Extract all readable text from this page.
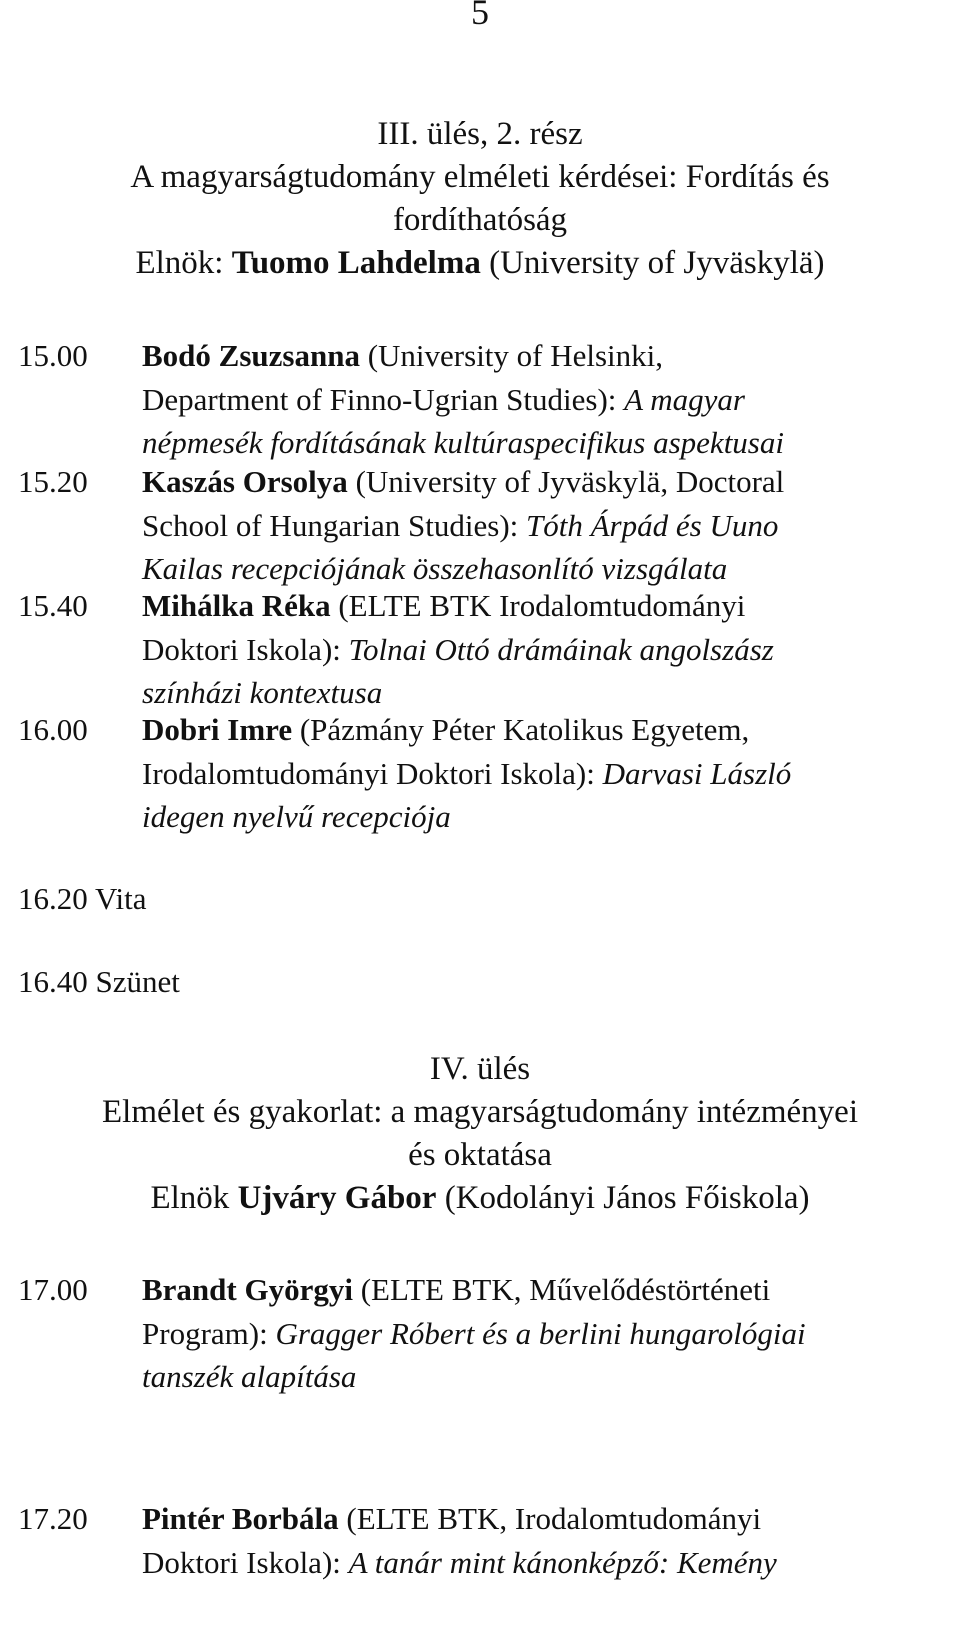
5
III. ülés, 2. rész
A magyarságtudomány elméleti kérdései: Fordítás és
fordíthatóság
Elnök: Tuomo Lahdelma (University of Jyväskylä)
15.00 Bodó Zsuzsanna (University of Helsinki,
Department of Finno-Ugrian Studies): A magyar
népmesék fordításának kultúraspecifikus aspektusai
15.20 Kaszás Orsolya (University of Jyväskylä, Doctoral
School of Hungarian Studies): Tóth Árpád és Uuno
Kailas recepciójának összehasonlító vizsgálata
15.40 Mihálka Réka (ELTE BTK Irodalomtudományi
Doktori Iskola): Tolnai Ottó drámáinak angolszász
színházi kontextusa
16.00 Dobri Imre (Pázmány Péter Katolikus Egyetem,
Irodalomtudományi Doktori Iskola): Darvasi László
idegen nyelvű recepciója
16.20 Vita
16.40 Szünet
IV. ülés
Elmélet és gyakorlat: a magyarságtudomány intézményei
és oktatása
Elnök Ujváry Gábor (Kodolányi János Főiskola)
17.00 Brandt Györgyi (ELTE BTK, Művelődéstörténeti
Program): Gragger Róbert és a berlini hungarológiai
tanszék alapítása
17.20 Pintér Borbála (ELTE BTK, Irodalomtudományi
Doktori Iskola): A tanár mint kánonképző: Kemény
